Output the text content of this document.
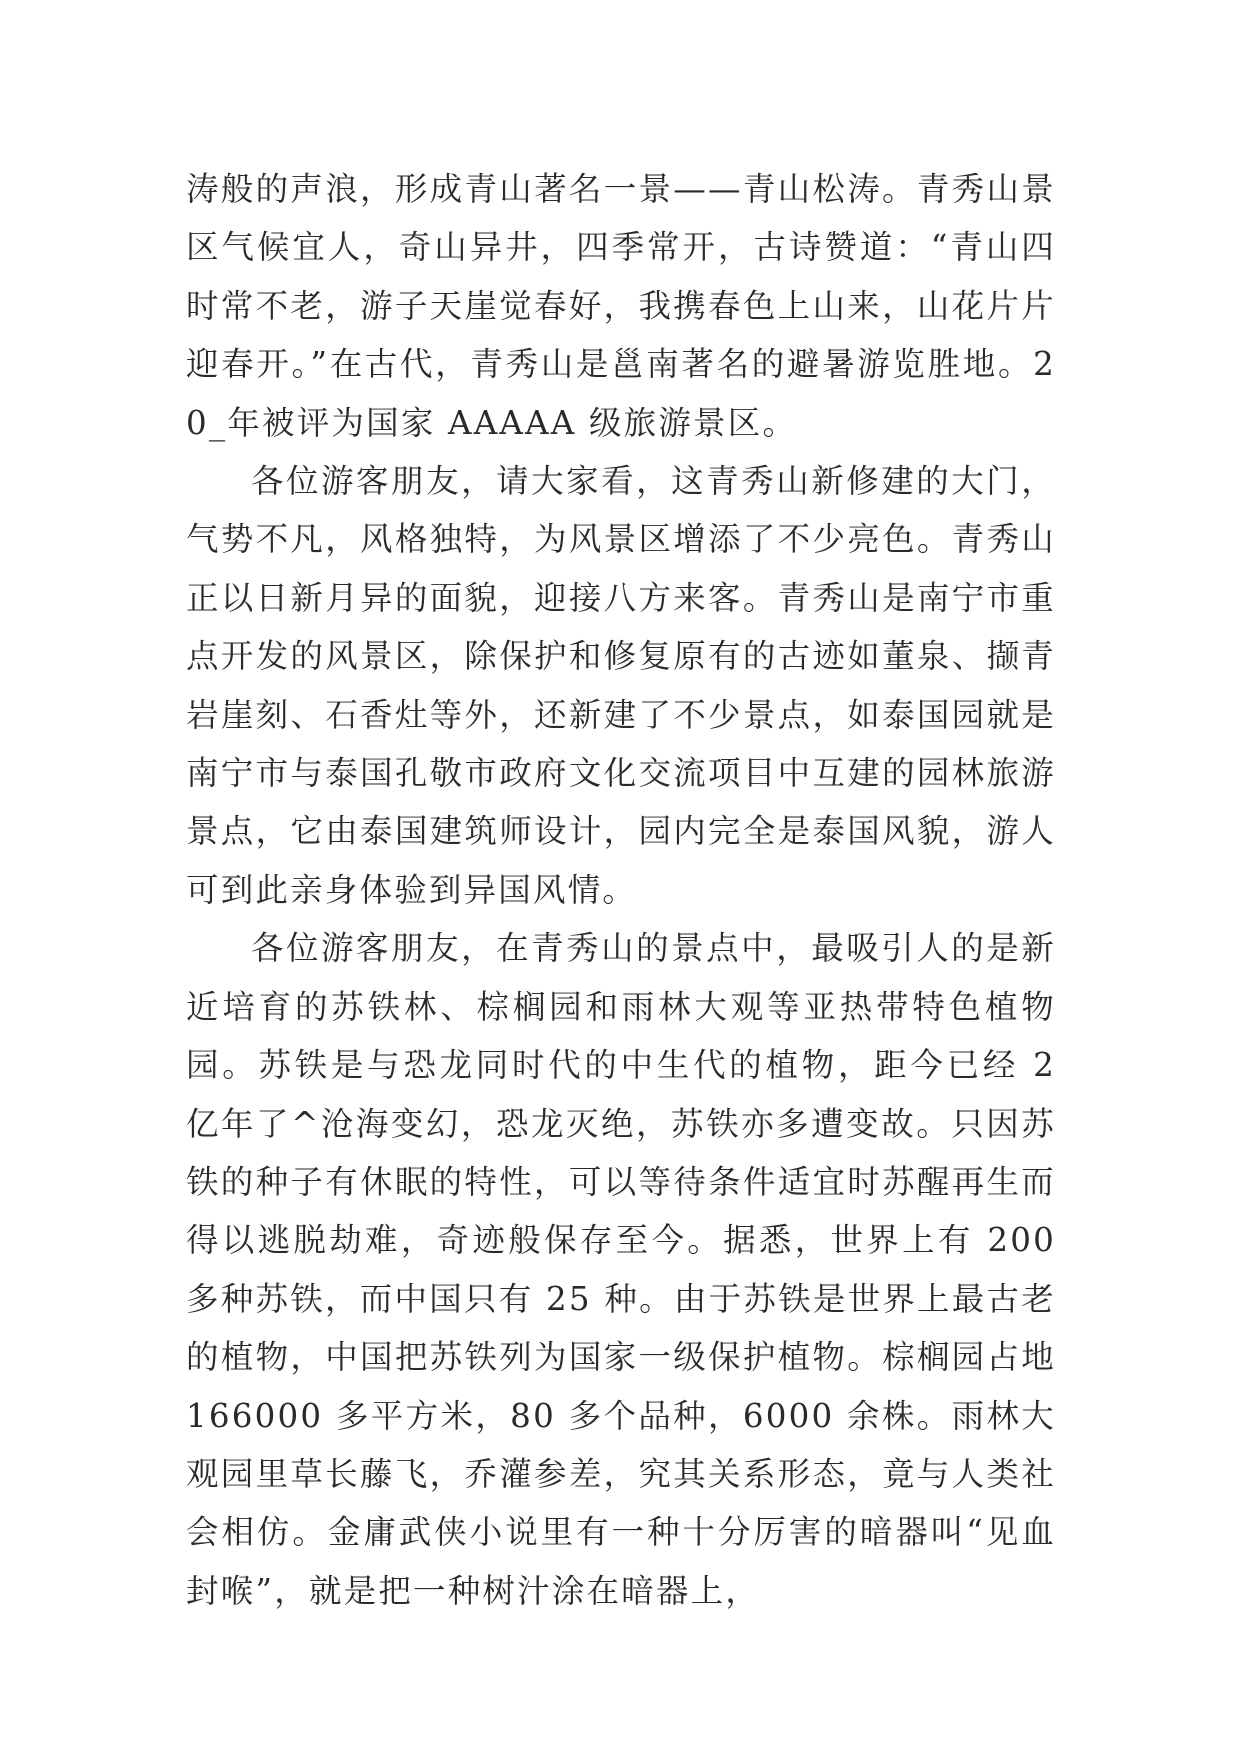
涛般的声浪，形成青山著名一景——青山松涛。青秀山景区气候宜人，奇山异井，四季常开，古诗赞道：“青山四时常不老，游子天崖觉春好，我携春色上山来，山花片片迎春开。”在古代，青秀山是邕南著名的避暑游览胜地。20_年被评为国家 AAAAA 级旅游景区。

各位游客朋友，请大家看，这青秀山新修建的大门，气势不凡，风格独特，为风景区增添了不少亮色。青秀山正以日新月异的面貌，迎接八方来客。青秀山是南宁市重点开发的风景区，除保护和修复原有的古迹如董泉、撷青岩崖刻、石香灶等外，还新建了不少景点，如泰国园就是南宁市与泰国孔敬市政府文化交流项目中互建的园林旅游景点，它由泰国建筑师设计，园内完全是泰国风貌，游人可到此亲身体验到异国风情。

各位游客朋友，在青秀山的景点中，最吸引人的是新近培育的苏铁林、棕榈园和雨林大观等亚热带特色植物园。苏铁是与恐龙同时代的中生代的植物，距今已经 2 亿年了^沧海变幻，恐龙灭绝，苏铁亦多遭变故。只因苏铁的种子有休眠的特性，可以等待条件适宜时苏醒再生而得以逃脱劫难，奇迹般保存至今。据悉，世界上有 200 多种苏铁，而中国只有 25 种。由于苏铁是世界上最古老的植物，中国把苏铁列为国家一级保护植物。棕榈园占地 166000 多平方米，80 多个品种，6000 余株。雨林大观园里草长藤飞，乔灌参差，究其关系形态，竟与人类社会相仿。金庸武侠小说里有一种十分厉害的暗器叫“见血封喉”，就是把一种树汁涂在暗器上，
